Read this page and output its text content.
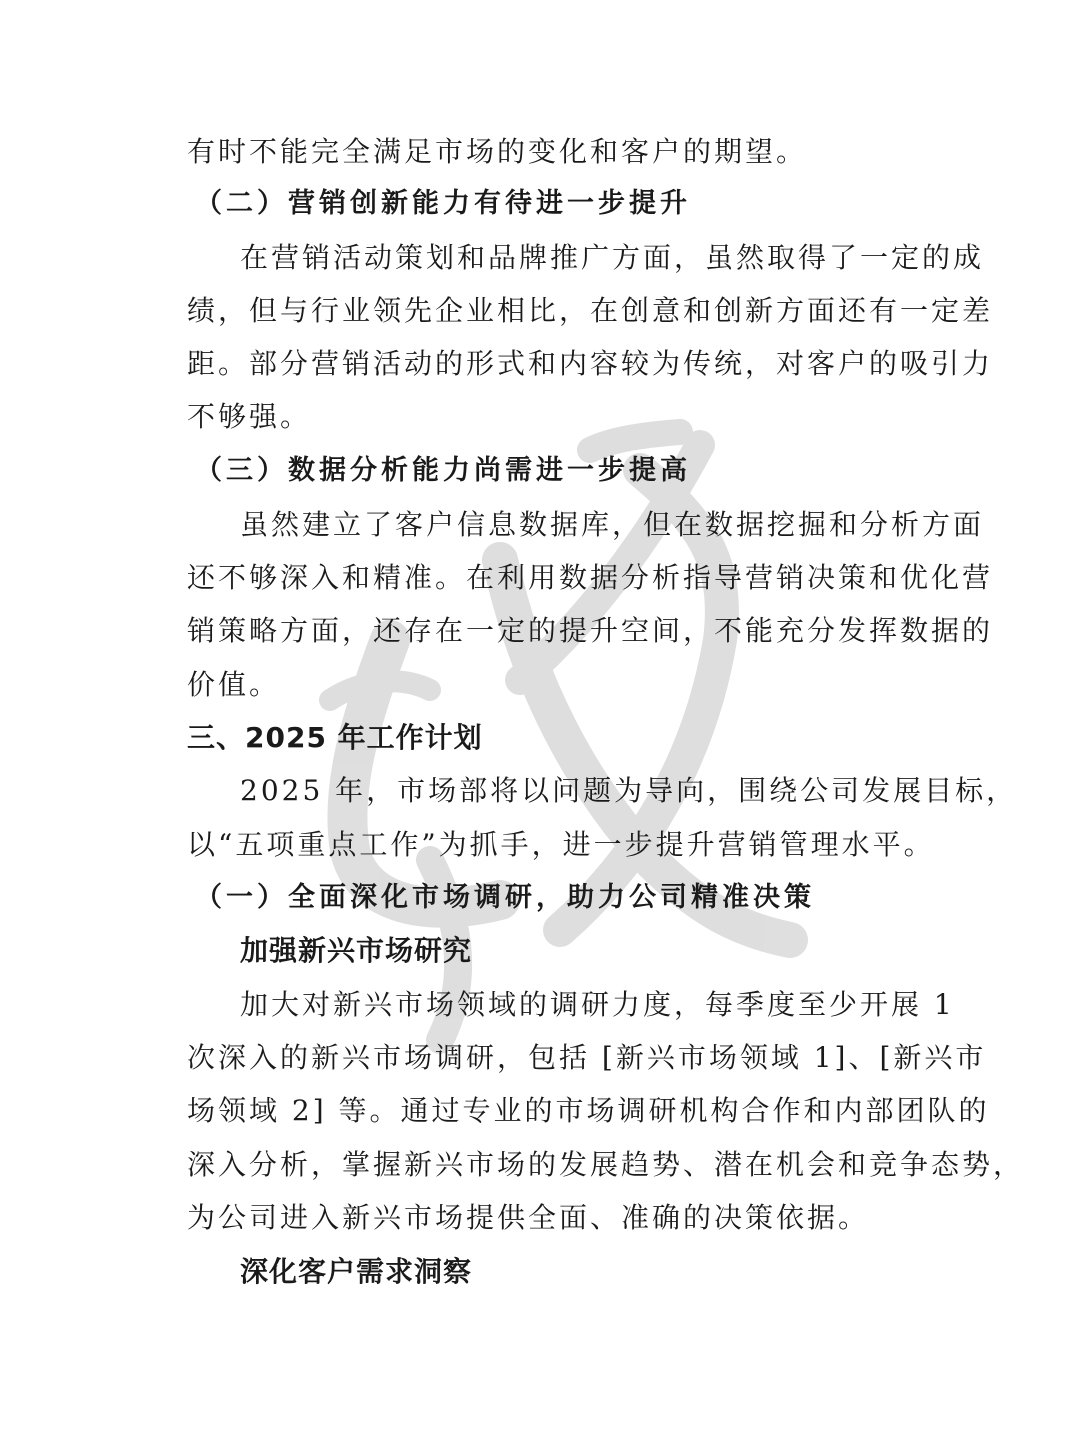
有时不能完全满足市场的变化和客户的期望。
（二）营销创新能力有待进一步提升
在营销活动策划和品牌推广方面，虽然取得了一定的成
绩，但与行业领先企业相比，在创意和创新方面还有一定差
距。部分营销活动的形式和内容较为传统，对客户的吸引力
不够强。
（三）数据分析能力尚需进一步提高
虽然建立了客户信息数据库，但在数据挖掘和分析方面
还不够深入和精准。在利用数据分析指导营销决策和优化营
销策略方面，还存在一定的提升空间，不能充分发挥数据的
价值。
三、2025 年工作计划
2025 年，市场部将以问题为导向，围绕公司发展目标，
以“五项重点工作”为抓手，进一步提升营销管理水平。
（一）全面深化市场调研，助力公司精准决策
加强新兴市场研究
加大对新兴市场领域的调研力度，每季度至少开展 1
次深入的新兴市场调研，包括 [新兴市场领域 1]、[新兴市
场领域 2] 等。通过专业的市场调研机构合作和内部团队的
深入分析，掌握新兴市场的发展趋势、潜在机会和竞争态势，
为公司进入新兴市场提供全面、准确的决策依据。
深化客户需求洞察
